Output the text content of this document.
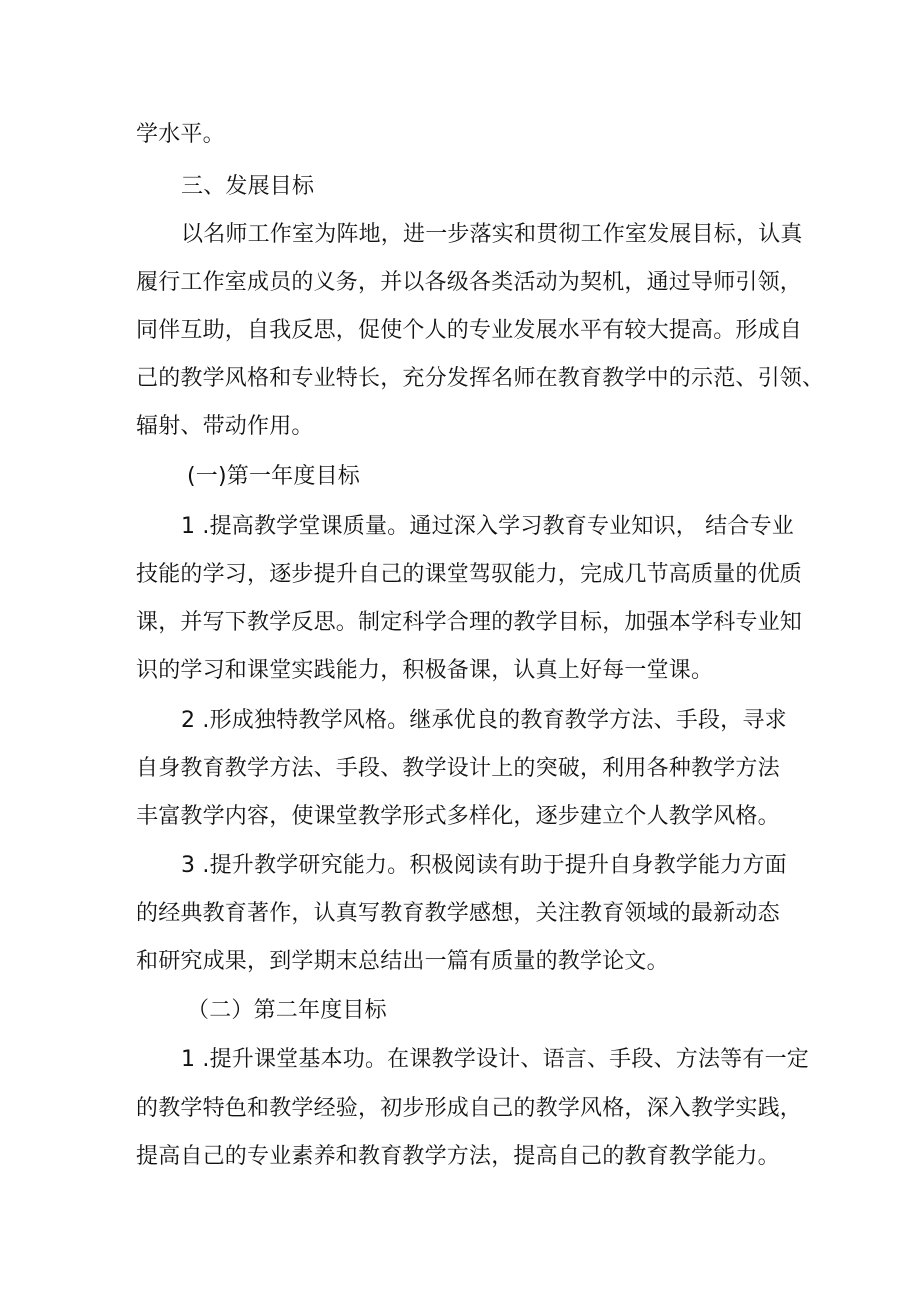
学水平。
三、发展目标
以名师工作室为阵地，进一步落实和贯彻工作室发展目标，认真
履行工作室成员的义务，并以各级各类活动为契机，通过导师引领，
同伴互助，自我反思，促使个人的专业发展水平有较大提高。形成自
己的教学风格和专业特长，充分发挥名师在教育教学中的示范、引领、
辐射、带动作用。
(一)第一年度目标
1 .提高教学堂课质量。通过深入学习教育专业知识， 结合专业
技能的学习，逐步提升自己的课堂驾驭能力，完成几节高质量的优质
课，并写下教学反思。制定科学合理的教学目标，加强本学科专业知
识的学习和课堂实践能力，积极备课，认真上好每一堂课。
2 .形成独特教学风格。继承优良的教育教学方法、手段，寻求
自身教育教学方法、手段、教学设计上的突破，利用各种教学方法
丰富教学内容，使课堂教学形式多样化，逐步建立个人教学风格。
3 .提升教学研究能力。积极阅读有助于提升自身教学能力方面
的经典教育著作，认真写教育教学感想，关注教育领域的最新动态
和研究成果，到学期末总结出一篇有质量的教学论文。
（二）第二年度目标
1 .提升课堂基本功。在课教学设计、语言、手段、方法等有一定
的教学特色和教学经验，初步形成自己的教学风格，深入教学实践，
提高自己的专业素养和教育教学方法，提高自己的教育教学能力。
